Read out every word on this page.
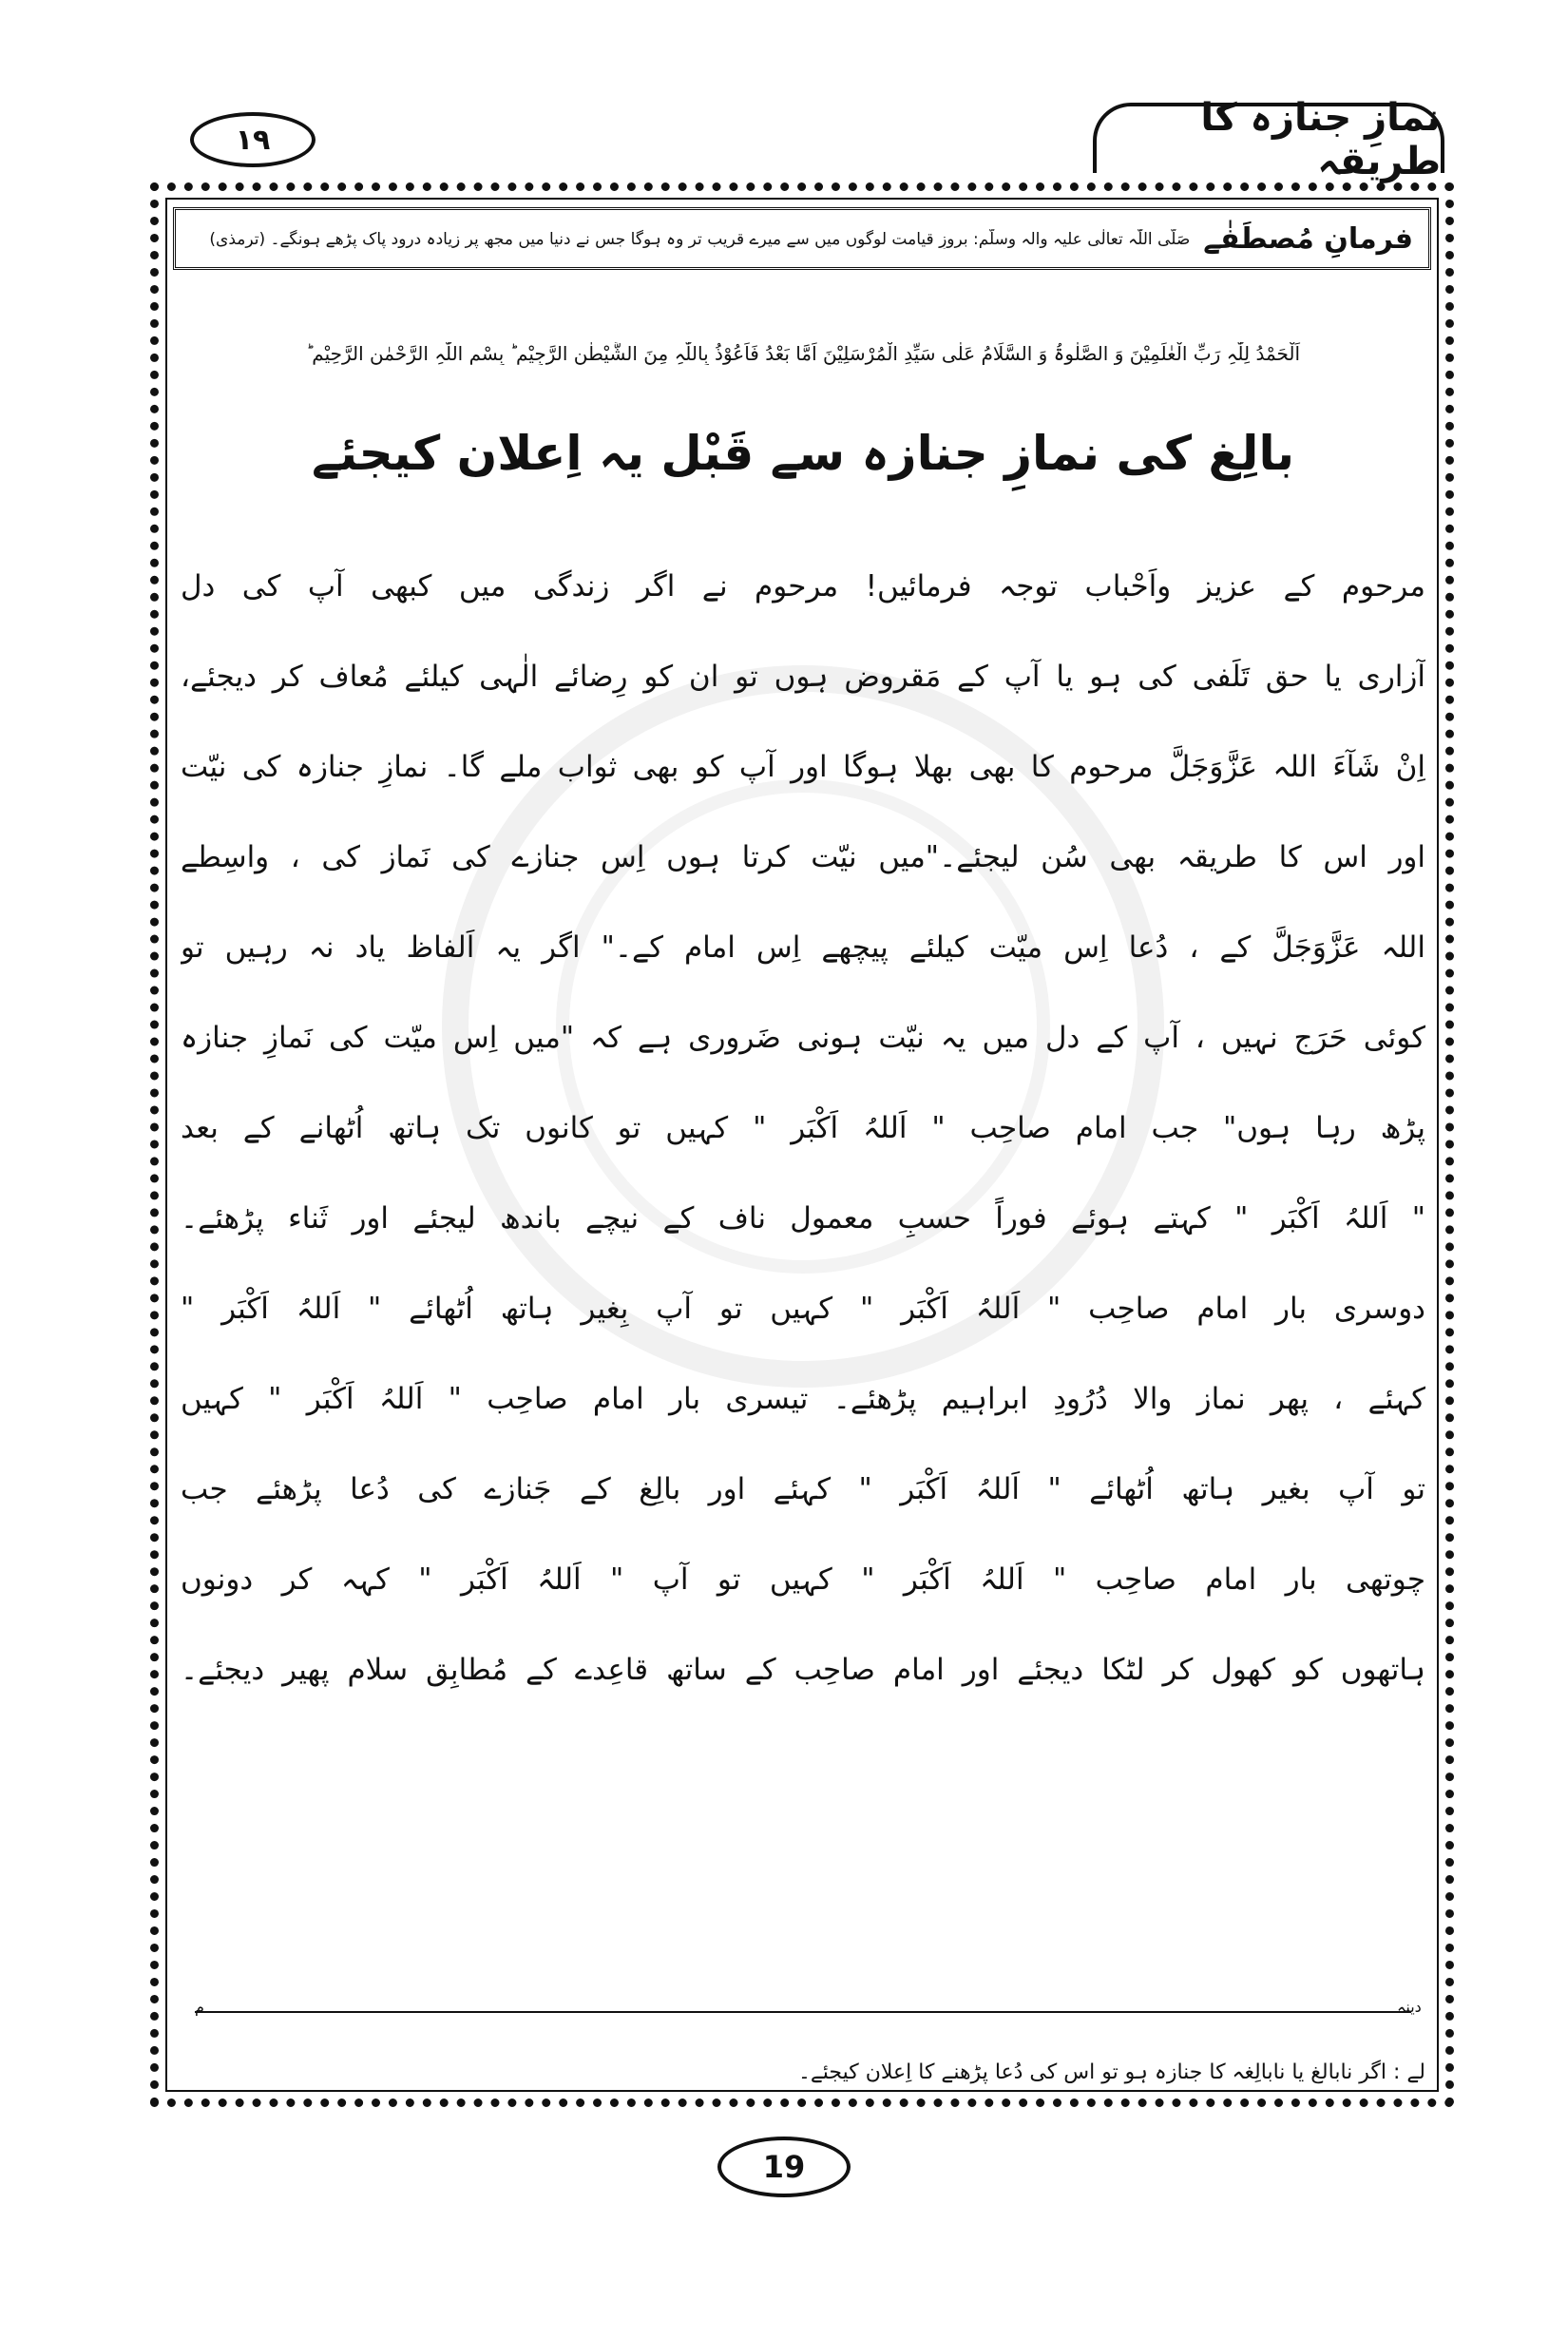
۱۹	نمازِ جنازہ کا طریقہ
فرمانِ مُصطَفٰے
صَلَّی اللّٰہ تعالٰی علیہ والہ وسلَّم: بروزِ قیامت لوگوں میں سے میرے قریب تر وہ ہوگا جس نے دنیا میں مجھ پر زیادہ درود پاک پڑھے ہونگے۔ (ترمذی)
اَلْحَمْدُ لِلّٰہِ رَبِّ الْعٰلَمِیْنَ وَ الصَّلٰوۃُ وَ السَّلَامُ عَلٰی سَیِّدِ الْمُرْسَلِیْنَ اَمَّا بَعْدُ فَاَعُوْذُ بِاللّٰہِ مِنَ الشَّیْطٰنِ الرَّجِیْمِ ؕ بِسْمِ اللّٰہِ الرَّحْمٰنِ الرَّحِیْمِ ؕ
بالِغ کی نمازِ جنازہ سے قَبْل یہ اِعلان کیجئے
مرحوم کے عزیز واَحْباب توجہ فرمائیں! مرحوم نے اگر زندگی میں کبھی آپ کی دل
آزاری یا حق تَلَفی کی ہو یا آپ کے مَقروض ہوں تو ان کو رِضائے الٰہی کیلئے مُعاف کر دیجئے،
اِنْ شَآءَ اللہ عَزَّوَجَلَّ مرحوم کا بھی بھلا ہوگا اور آپ کو بھی ثواب ملے گا۔ نمازِ جنازہ کی نیّت
اور اس کا طریقہ بھی سُن لیجئے۔"میں نیّت کرتا ہوں اِس جنازے کی نَماز کی ، واسِطے
اللہ عَزَّوَجَلَّ کے ، دُعا اِس میّت کیلئے پیچھے اِس امام کے۔" اگر یہ اَلفاظ یاد نہ رہیں تو
کوئی حَرَج نہیں ، آپ کے دل میں یہ نیّت ہونی ضَروری ہے کہ "میں اِس میّت کی نَمازِ جنازہ
پڑھ رہا ہوں" جب امام صاحِب " اَللہُ اَکْبَر " کہیں تو کانوں تک ہاتھ اُٹھانے کے بعد
" اَللہُ اَکْبَر " کہتے ہوئے فوراً حسبِ معمول ناف کے نیچے باندھ لیجئے اور ثَناء پڑھئے۔
دوسری بار امام صاحِب " اَللہُ اَکْبَر " کہیں تو آپ بِغیر ہاتھ اُٹھائے " اَللہُ اَکْبَر "
کہئے ، پھر نماز والا دُرُودِ ابراہیم پڑھئے۔ تیسری بار امام صاحِب " اَللہُ اَکْبَر " کہیں
تو آپ بغیر ہاتھ اُٹھائے " اَللہُ اَکْبَر " کہئے اور بالِغ کے جَنازے کی دُعا پڑھئے جب
چوتھی بار امام صاحِب " اَللہُ اَکْبَر " کہیں تو آپ " اَللہُ اَکْبَر " کہہ کر دونوں
ہاتھوں کو کھول کر لٹکا دیجئے اور امام صاحِب کے ساتھ قاعِدے کے مُطابِق سلام پھیر دیجئے۔
م	دینہ
لے : اگر نابالغ یا نابالِغہ کا جنازہ ہو تو اس کی دُعا پڑھنے کا اِعلان کیجئے۔
19
